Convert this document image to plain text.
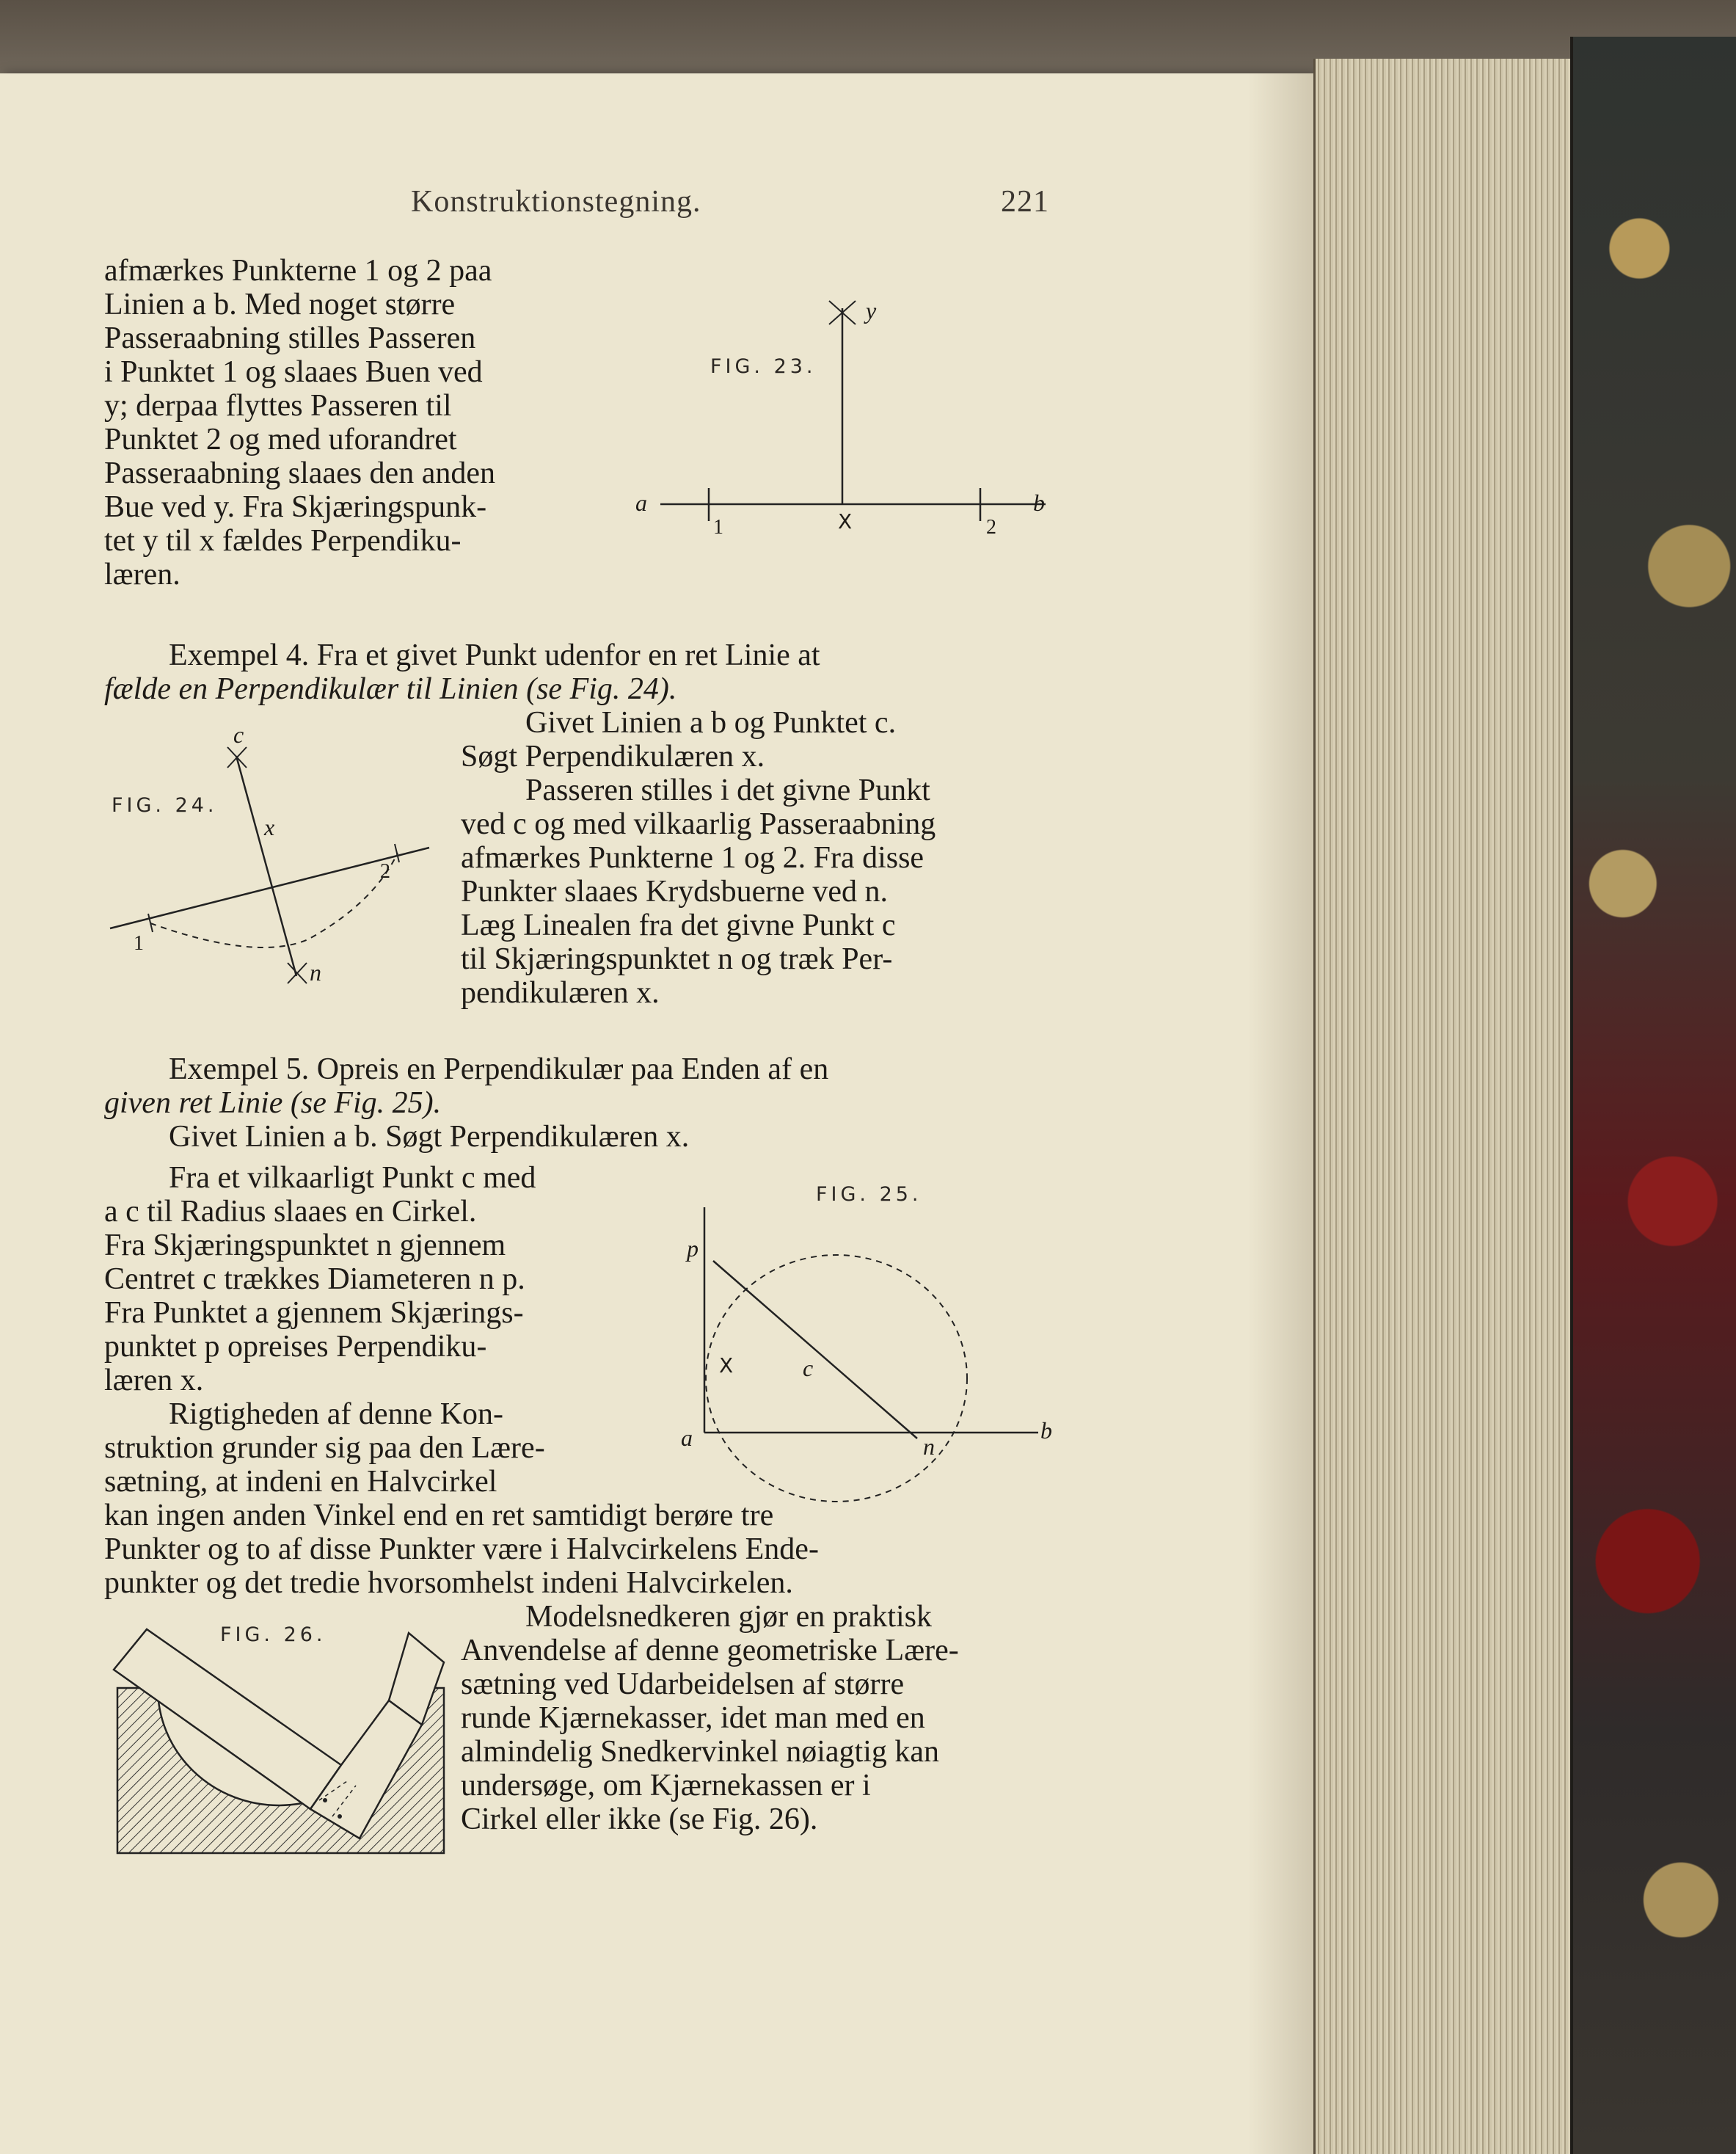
Konstruktionstegning.	221
afmærkes Punkterne 1 og 2 paa
Linien a b. Med noget større
Passeraabning stilles Passeren
i Punktet 1 og slaaes Buen ved
y; derpaa flyttes Passeren til
Punktet 2 og med uforandret
Passeraabning slaaes den anden
Bue ved y. Fra Skjæringspunk-
tet y til x fældes Perpendiku-
læren.
FIG. 23.
a	b
1	2
X
y
Exempel 4. Fra et givet Punkt udenfor en ret Linie at
fælde en Perpendikulær til Linien (se Fig. 24).
Givet Linien a b og Punktet c.
Søgt Perpendikulæren x.
Passeren stilles i det givne Punkt
ved c og med vilkaarlig Passeraabning
afmærkes Punkterne 1 og 2. Fra disse
Punkter slaaes Krydsbuerne ved n.
Læg Linealen fra det givne Punkt c
til Skjæringspunktet n og træk Per-
pendikulæren x.
FIG. 24.
c
x
1
2
n
Exempel 5. Opreis en Perpendikulær paa Enden af en
given ret Linie (se Fig. 25).
Givet Linien a b. Søgt Perpendikulæren x.
Fra et vilkaarligt Punkt c med
a c til Radius slaaes en Cirkel.
Fra Skjæringspunktet n gjennem
Centret c trækkes Diameteren n p.
Fra Punktet a gjennem Skjærings-
punktet p opreises Perpendiku-
læren x.
Rigtigheden af denne Kon-
struktion grunder sig paa den Lære-
sætning, at indeni en Halvcirkel
FIG. 25.
p
a	b
c
n
X
kan ingen anden Vinkel end en ret samtidigt berøre tre
Punkter og to af disse Punkter være i Halvcirkelens Ende-
punkter og det tredie hvorsomhelst indeni Halvcirkelen.
Modelsnedkeren gjør en praktisk
Anvendelse af denne geometriske Lære-
sætning ved Udarbeidelsen af større
runde Kjærnekasser, idet man med en
almindelig Snedkervinkel nøiagtig kan
undersøge, om Kjærnekassen er i
Cirkel eller ikke (se Fig. 26).
FIG. 26.
